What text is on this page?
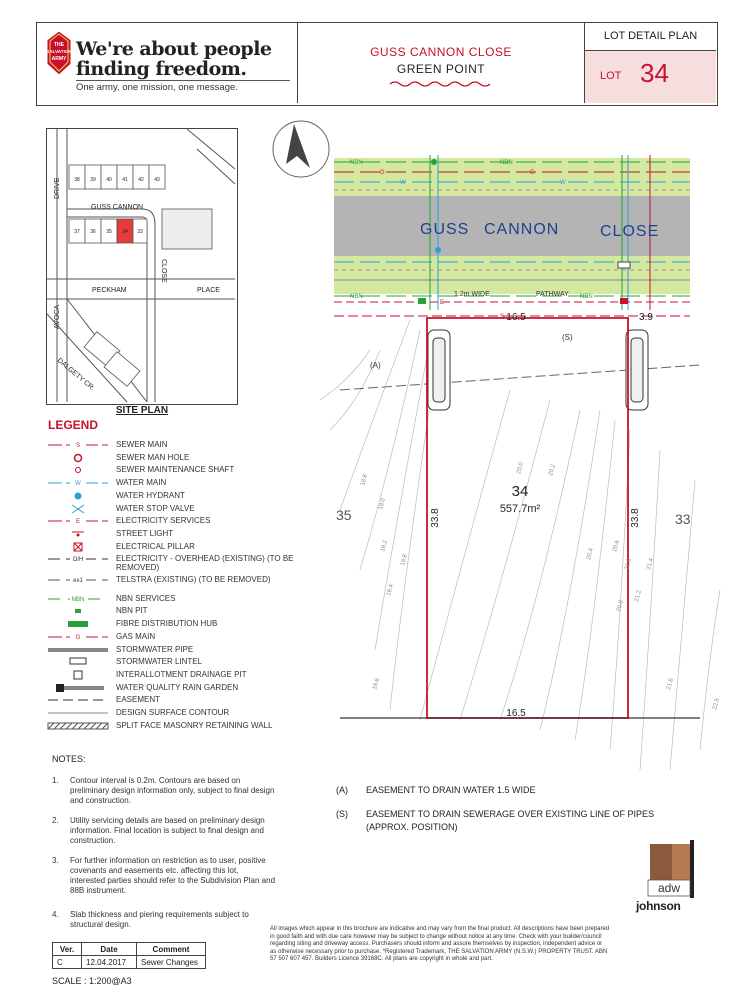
THE
SALVATION
ARMY We're about people
finding freedom.
One army, one mission, one message.
GUSS CANNON CLOSE
GREEN POINT
LOT DETAIL PLAN
LOT 34
38 39 40 41 42 43
37 36 35 34 33
DRIVE
GUSS CANNON
CLOSE
AVOCA
PECKHAM	PLACE
DALGETY CR.
SITE PLAN
LEGEND
S	SEWER MAIN
SEWER MAN HOLE
SEWER MAINTENANCE SHAFT
W	WATER MAIN
WATER HYDRANT
WATER STOP VALVE
E	ELECTRICITY SERVICES
STREET LIGHT
ELECTRICAL PILLAR
O/H	ELECTRICITY - OVERHEAD (EXISTING) (TO BE REMOVED)
ex1	TELSTRA (EXISTING) (TO BE REMOVED)
NBN	NBN SERVICES
NBN PIT
FIBRE DISTRIBUTION HUB
G	GAS MAIN
STORMWATER PIPE
STORMWATER LINTEL
INTERALLOTMENT DRAINAGE PIT
WATER QUALITY RAIN GARDEN
EASEMENT
DESIGN SURFACE CONTOUR
SPLIT FACE MASONRY RETAINING WALL
NOTES:
1. Contour interval is 0.2m. Contours are based on preliminary design information only, subject to final design and construction.
2. Utility servicing details are based on preliminary design information. Final location is subject to final design and construction.
3. For further information on restriction as to user, positive covenants and easements etc. affecting this lot, interested parties should refer to the Subdivision Plan and 88B instrument.
4. Slab thickness and piering requirements subject to structural design.
Ver.	Date	Comment
C	12.04.2017	Sewer Changes
SCALE : 1:200@A3
NBN	NBN
G	G
W	W
NBN	NBN
S
E
GUSS CANNON	CLOSE
1.2m WIDE	PATHWAY
34
557.7m²
16.5
16.5
33.8	33.8
3.9
35	33
(A)
(S)
18.8
19.0
19.2
19.4
19.6
19.8
20.0	20.2
20.4
20.6
20.8
21.0
21.2
21.4
21.6
22.5
(A) EASEMENT TO DRAIN WATER 1.5 WIDE
(S) EASEMENT TO DRAIN SEWERAGE OVER EXISTING LINE OF PIPES
(APPROX. POSITION)
adw
johnson
All images which appear in this brochure are indicative and may vary from the final product. All descriptions have been prepared in good faith and with due care however may be subject to change without notice at any time. Check with your builder/council regarding siting and driveway access. Purchasers should inform and assure themselves by inspection, independent advice or as otherwise necessary prior to purchase. *Registered Trademark, THE SALVATION ARMY (N.S.W.) PROPERTY TRUST. ABN 57 507 607 457. Builders Licence 39168C. All plans are copyright in whole and part.
